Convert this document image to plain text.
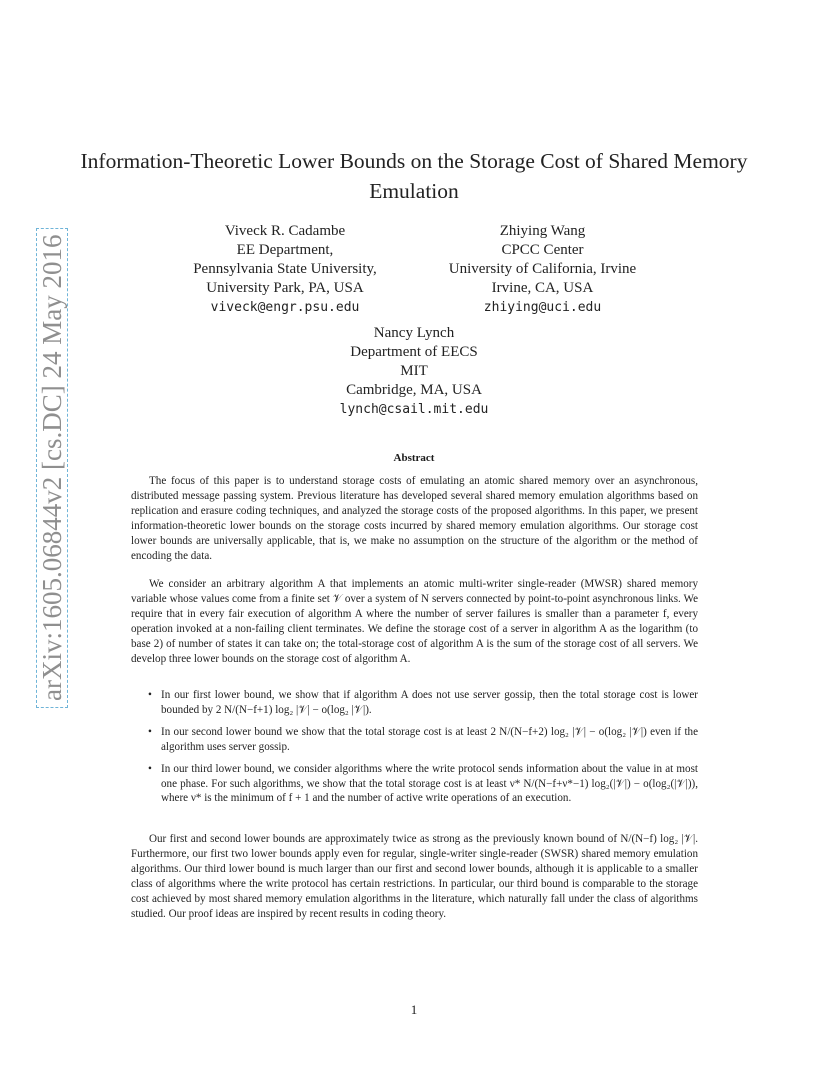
arXiv:1605.06844v2 [cs.DC] 24 May 2016
Information-Theoretic Lower Bounds on the Storage Cost of Shared Memory Emulation
Viveck R. Cadambe
EE Department,
Pennsylvania State University,
University Park, PA, USA
viveck@engr.psu.edu
Zhiying Wang
CPCC Center
University of California, Irvine
Irvine, CA, USA
zhiying@uci.edu
Nancy Lynch
Department of EECS
MIT
Cambridge, MA, USA
lynch@csail.mit.edu
Abstract

The focus of this paper is to understand storage costs of emulating an atomic shared memory over an asynchronous, distributed message passing system. Previous literature has developed several shared memory emulation algorithms based on replication and erasure coding techniques, and analyzed the storage costs of the proposed algorithms. In this paper, we present information-theoretic lower bounds on the storage costs incurred by shared memory emulation algorithms. Our storage cost lower bounds are universally applicable, that is, we make no assumption on the structure of the algorithm or the method of encoding the data.

We consider an arbitrary algorithm A that implements an atomic multi-writer single-reader (MWSR) shared memory variable whose values come from a finite set 𝒱 over a system of N servers connected by point-to-point asynchronous links. We require that in every fair execution of algorithm A where the number of server failures is smaller than a parameter f, every operation invoked at a non-failing client terminates. We define the storage cost of a server in algorithm A as the logarithm (to base 2) of number of states it can take on; the total-storage cost of algorithm A is the sum of the storage cost of all servers. We develop three lower bounds on the storage cost of algorithm A.

• In our first lower bound, we show that if algorithm A does not use server gossip, then the total storage cost is lower bounded by 2 N/(N−f+1) log₂ |𝒱| − o(log₂ |𝒱|).
• In our second lower bound we show that the total storage cost is at least 2 N/(N−f+2) log₂ |𝒱| − o(log₂ |𝒱|) even if the algorithm uses server gossip.
• In our third lower bound, we consider algorithms where the write protocol sends information about the value in at most one phase. For such algorithms, we show that the total storage cost is at least ν* N/(N−f+ν*−1) log₂(|𝒱|) − o(log₂(|𝒱|)), where ν* is the minimum of f + 1 and the number of active write operations of an execution.

Our first and second lower bounds are approximately twice as strong as the previously known bound of N/(N−f) log₂ |𝒱|. Furthermore, our first two lower bounds apply even for regular, single-writer single-reader (SWSR) shared memory emulation algorithms. Our third lower bound is much larger than our first and second lower bounds, although it is applicable to a smaller class of algorithms where the write protocol has certain restrictions. In particular, our third bound is comparable to the storage cost achieved by most shared memory emulation algorithms in the literature, which naturally fall under the class of algorithms studied. Our proof ideas are inspired by recent results in coding theory.

1
